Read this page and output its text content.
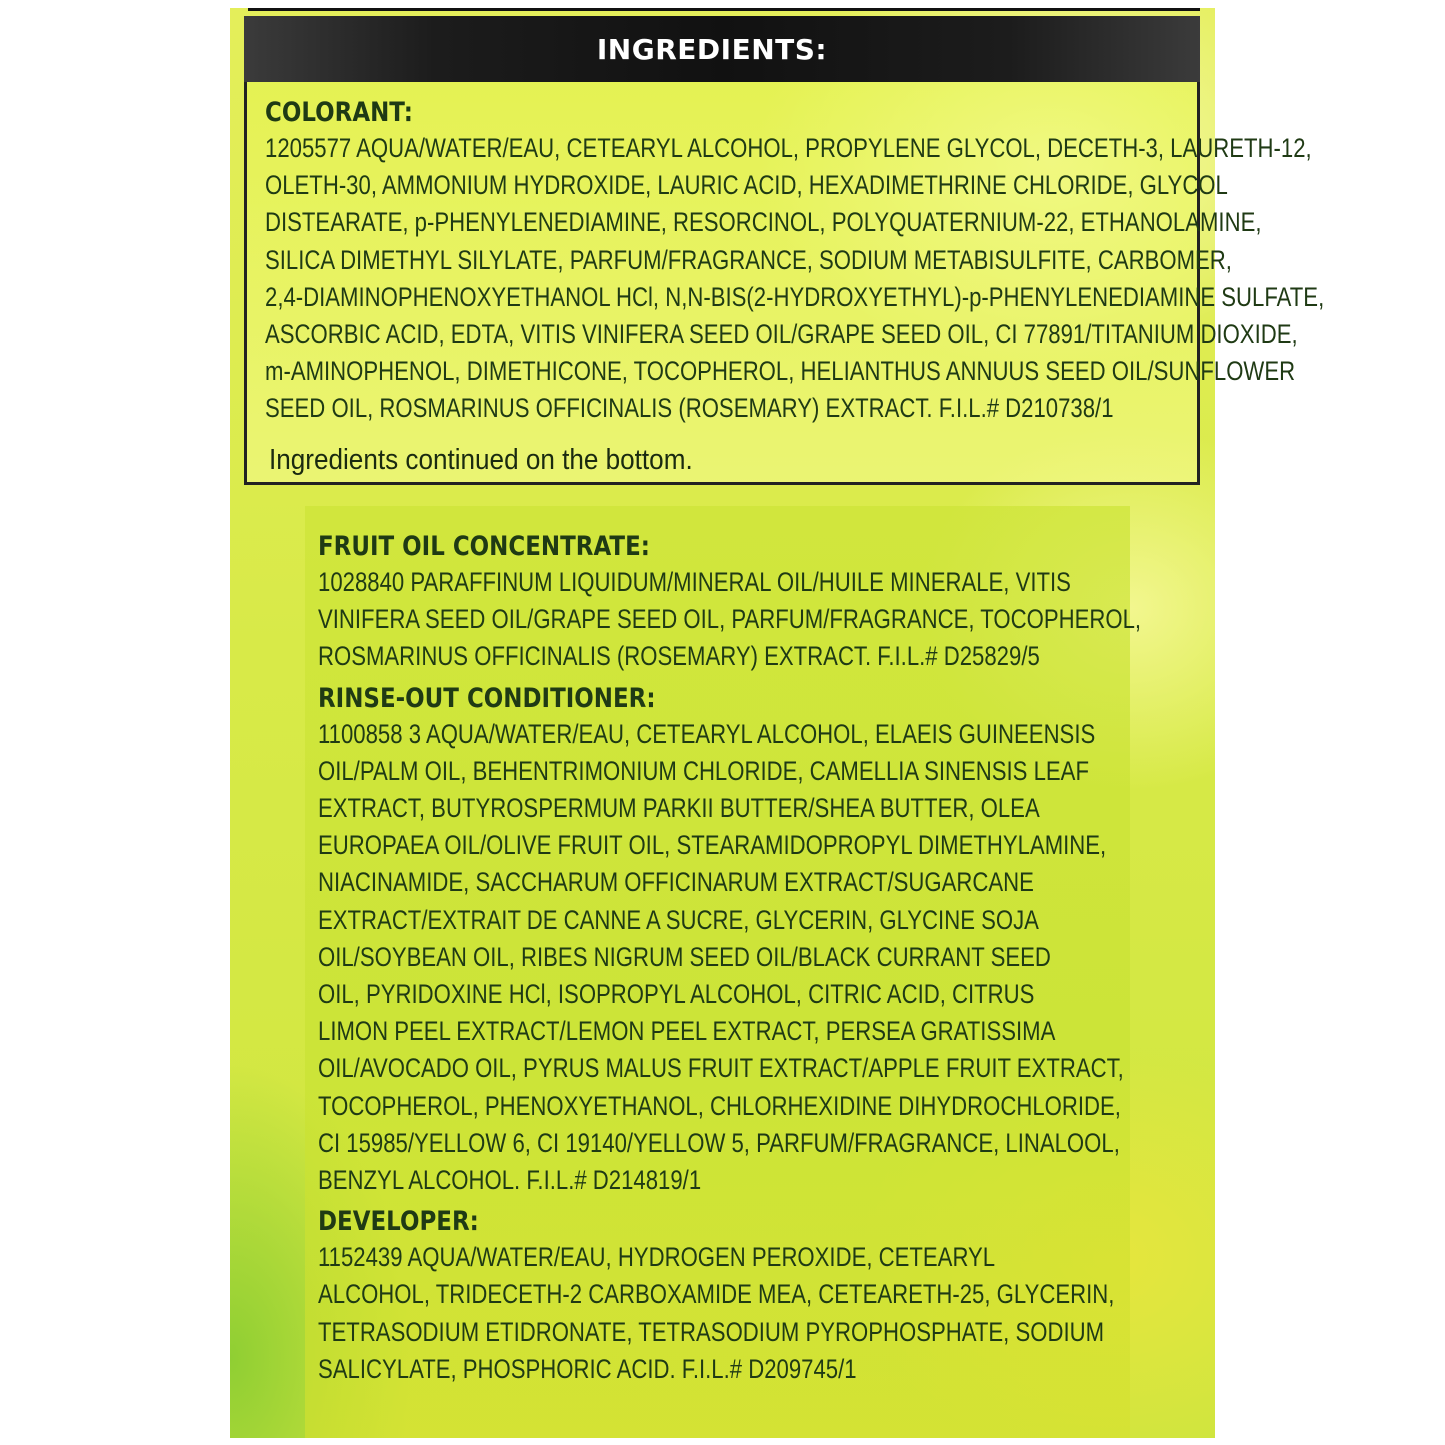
INGREDIENTS:
COLORANT:
1205577 AQUA/WATER/EAU, CETEARYL ALCOHOL, PROPYLENE GLYCOL, DECETH-3, LAURETH-12,
OLETH-30, AMMONIUM HYDROXIDE, LAURIC ACID, HEXADIMETHRINE CHLORIDE, GLYCOL
DISTEARATE, p-PHENYLENEDIAMINE, RESORCINOL, POLYQUATERNIUM-22, ETHANOLAMINE,
SILICA DIMETHYL SILYLATE, PARFUM/FRAGRANCE, SODIUM METABISULFITE, CARBOMER,
2,4-DIAMINOPHENOXYETHANOL HCl, N,N-BIS(2-HYDROXYETHYL)-p-PHENYLENEDIAMINE SULFATE,
ASCORBIC ACID, EDTA, VITIS VINIFERA SEED OIL/GRAPE SEED OIL, CI 77891/TITANIUM DIOXIDE,
m-AMINOPHENOL, DIMETHICONE, TOCOPHEROL, HELIANTHUS ANNUUS SEED OIL/SUNFLOWER
SEED OIL, ROSMARINUS OFFICINALIS (ROSEMARY) EXTRACT. F.I.L.# D210738/1
Ingredients continued on the bottom.
FRUIT OIL CONCENTRATE:
1028840 PARAFFINUM LIQUIDUM/MINERAL OIL/HUILE MINERALE, VITIS
VINIFERA SEED OIL/GRAPE SEED OIL, PARFUM/FRAGRANCE, TOCOPHEROL,
ROSMARINUS OFFICINALIS (ROSEMARY) EXTRACT. F.I.L.# D25829/5
RINSE-OUT CONDITIONER:
1100858 3 AQUA/WATER/EAU, CETEARYL ALCOHOL, ELAEIS GUINEENSIS
OIL/PALM OIL, BEHENTRIMONIUM CHLORIDE, CAMELLIA SINENSIS LEAF
EXTRACT, BUTYROSPERMUM PARKII BUTTER/SHEA BUTTER, OLEA
EUROPAEA OIL/OLIVE FRUIT OIL, STEARAMIDOPROPYL DIMETHYLAMINE,
NIACINAMIDE, SACCHARUM OFFICINARUM EXTRACT/SUGARCANE
EXTRACT/EXTRAIT DE CANNE A SUCRE, GLYCERIN, GLYCINE SOJA
OIL/SOYBEAN OIL, RIBES NIGRUM SEED OIL/BLACK CURRANT SEED
OIL, PYRIDOXINE HCl, ISOPROPYL ALCOHOL, CITRIC ACID, CITRUS
LIMON PEEL EXTRACT/LEMON PEEL EXTRACT, PERSEA GRATISSIMA
OIL/AVOCADO OIL, PYRUS MALUS FRUIT EXTRACT/APPLE FRUIT EXTRACT,
TOCOPHEROL, PHENOXYETHANOL, CHLORHEXIDINE DIHYDROCHLORIDE,
CI 15985/YELLOW 6, CI 19140/YELLOW 5, PARFUM/FRAGRANCE, LINALOOL,
BENZYL ALCOHOL. F.I.L.# D214819/1
DEVELOPER:
1152439 AQUA/WATER/EAU, HYDROGEN PEROXIDE, CETEARYL
ALCOHOL, TRIDECETH-2 CARBOXAMIDE MEA, CETEARETH-25, GLYCERIN,
TETRASODIUM ETIDRONATE, TETRASODIUM PYROPHOSPHATE, SODIUM
SALICYLATE, PHOSPHORIC ACID. F.I.L.# D209745/1
